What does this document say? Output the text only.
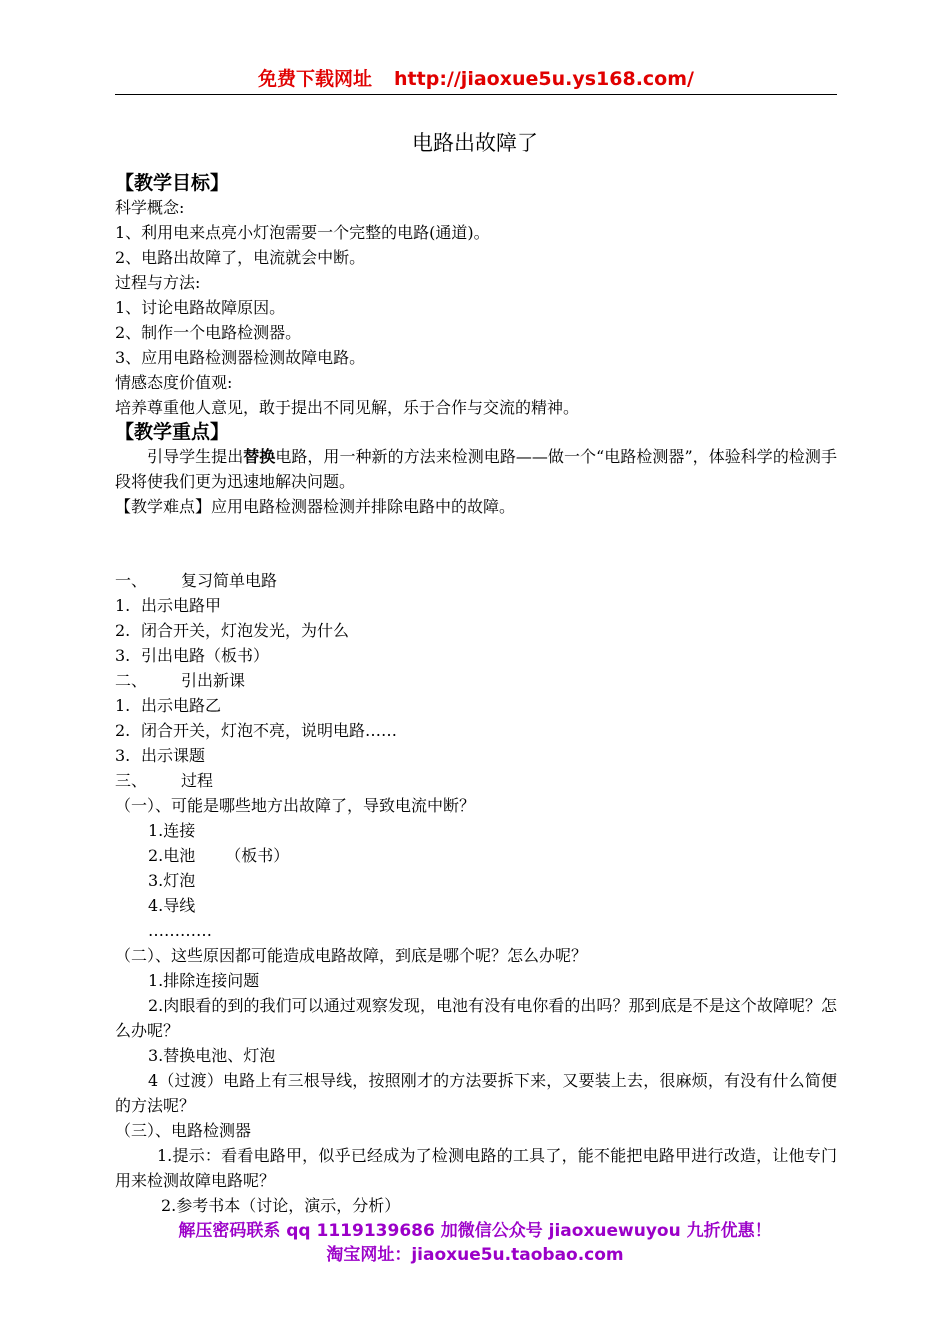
免费下载网址 http://jiaoxue5u.ys168.com/
电路出故障了
【教学目标】
科学概念:
1、利用电来点亮小灯泡需要一个完整的电路(通道)。
2、电路出故障了，电流就会中断。
过程与方法:
1、讨论电路故障原因。
2、制作一个电路检测器。
3、应用电路检测器检测故障电路。
情感态度价值观:
培养尊重他人意见，敢于提出不同见解，乐于合作与交流的精神。
【教学重点】
引导学生提出替换电路，用一种新的方法来检测电路——做一个“电路检测器”，体验科学的检测手段将使我们更为迅速地解决问题。
【教学难点】应用电路检测器检测并排除电路中的故障。
一、 复习简单电路
1. 出示电路甲
2. 闭合开关，灯泡发光，为什么
3. 引出电路（板书）
二、 引出新课
1. 出示电路乙
2. 闭合开关，灯泡不亮，说明电路……
3. 出示课题
三、 过程
（一）、可能是哪些地方出故障了，导致电流中断？
1.连接
2.电池 （板书）
3.灯泡
4.导线
…………
（二）、这些原因都可能造成电路故障，到底是哪个呢？怎么办呢？
1.排除连接问题
2.肉眼看的到的我们可以通过观察发现，电池有没有电你看的出吗？那到底是不是这个故障呢？怎么办呢？
3.替换电池、灯泡
4（过渡）电路上有三根导线，按照刚才的方法要拆下来，又要装上去，很麻烦，有没有什么简便的方法呢？
（三）、电路检测器
1.提示：看看电路甲，似乎已经成为了检测电路的工具了，能不能把电路甲进行改造，让他专门用来检测故障电路呢？
2.参考书本（讨论，演示，分析）
解压密码联系 qq 1119139686 加微信公众号 jiaoxuewuyou 九折优惠！
淘宝网址：jiaoxue5u.taobao.com
